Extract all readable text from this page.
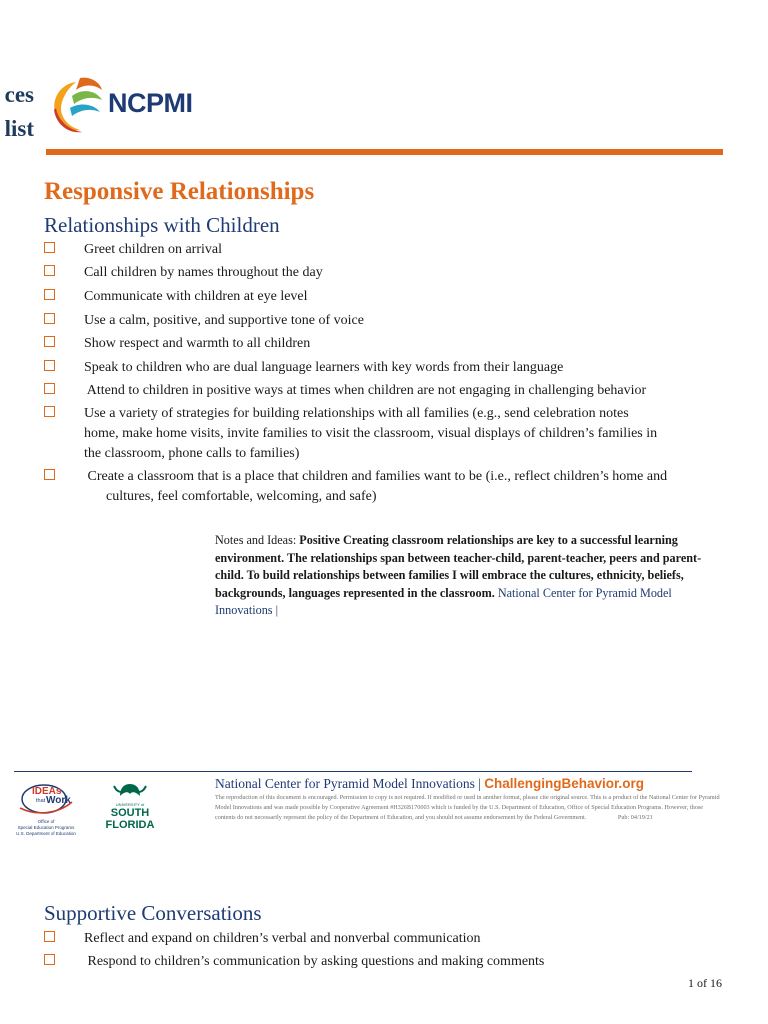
ces
list
NCPMI
Responsive Relationships
Relationships with Children
Greet children on arrival
Call children by names throughout the day
Communicate with children at eye level
Use a calm, positive, and supportive tone of voice
Show respect and warmth to all children
Speak to children who are dual language learners with key words from their language
Attend to children in positive ways at times when children are not engaging in challenging behavior
Use a variety of strategies for building relationships with all families (e.g., send celebration notes home, make home visits, invite families to visit the classroom, visual displays of children’s families in the classroom, phone calls to families)
Create a classroom that is a place that children and families want to be (i.e., reflect children’s home and
cultures, feel comfortable, welcoming, and safe)
Notes and Ideas: Positive Creating classroom relationships are key to a successful learning environment. The relationships span between teacher-child, parent-teacher, peers and parent-child. To build relationships between families I will embrace the cultures, ethnicity, beliefs, backgrounds, languages represented in the classroom. National Center for Pyramid Model Innovations |
IDEAs
that Work
Office of
Special Education Programs
U.S. Department of Education
UNIVERSITY of
SOUTH
FLORIDA
National Center for Pyramid Model Innovations | ChallengingBehavior.org
The reproduction of this document is encouraged. Permission to copy is not required. If modified or used in another format, please cite original source. This is a product of the National Center for Pyramid Model Innovations and was made possible by Cooperative Agreement #H326B170003 which is funded by the U.S. Department of Education, Office of Special Education Programs. However, those contents do not necessarily represent the policy of the Department of Education, and you should not assume endorsement by the Federal Government.	Pub: 04/19/21
Supportive Conversations
Reflect and expand on children’s verbal and nonverbal communication
Respond to children’s communication by asking questions and making comments
1 of 16
